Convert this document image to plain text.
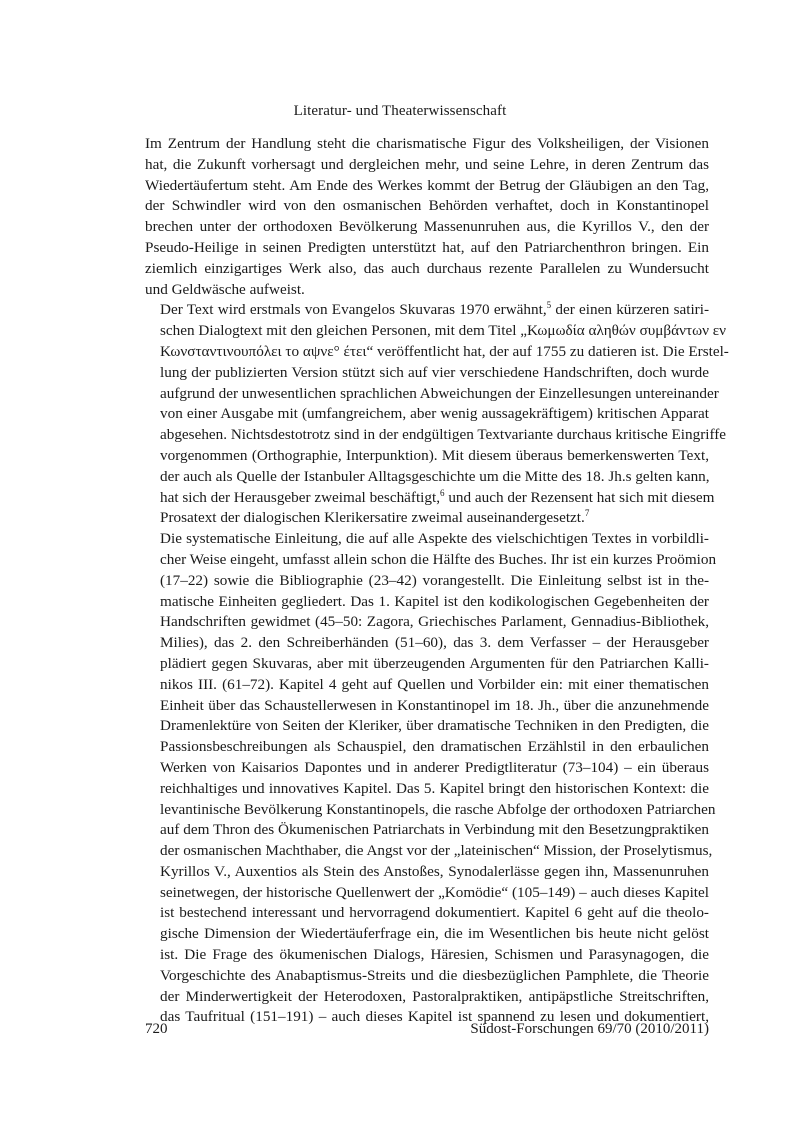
Literatur- und Theaterwissenschaft

Im Zentrum der Handlung steht die charismatische Figur des Volksheiligen, der Visionen
hat, die Zukunft vorhersagt und dergleichen mehr, und seine Lehre, in deren Zentrum das
Wiedertäufertum steht. Am Ende des Werkes kommt der Betrug der Gläubigen an den Tag,
der Schwindler wird von den osmanischen Behörden verhaftet, doch in Konstantinopel
brechen unter der orthodoxen Bevölkerung Massenunruhen aus, die Kyrillos V., den der
Pseudo-Heilige in seinen Predigten unterstützt hat, auf den Patriarchenthron bringen. Ein
ziemlich einzigartiges Werk also, das auch durchaus rezente Parallelen zu Wundersucht
und Geldwäsche aufweist.

Der Text wird erstmals von Evangelos Skuvaras 1970 erwähnt,$^5$ der einen kürzeren satiri-
schen Dialogtext mit den gleichen Personen, mit dem Titel „Κωμωδία αληθών συμβάντων εν
Κωνσταντινουπόλει το αψνε° έτει“ veröffentlicht hat, der auf 1755 zu datieren ist. Die Erstel-
lung der publizierten Version stützt sich auf vier verschiedene Handschriften, doch wurde
aufgrund der unwesentlichen sprachlichen Abweichungen der Einzellesungen untereinander
von einer Ausgabe mit (umfangreichem, aber wenig aussagekräftigem) kritischen Apparat
abgesehen. Nichtsdestotrotz sind in der endgültigen Textvariante durchaus kritische Eingriffe
vorgenommen (Orthographie, Interpunktion). Mit diesem überaus bemerkenswerten Text,
der auch als Quelle der Istanbuler Alltagsgeschichte um die Mitte des 18. Jh.s gelten kann,
hat sich der Herausgeber zweimal beschäftigt,$^6$ und auch der Rezensent hat sich mit diesem
Prosatext der dialogischen Klerikersatire zweimal auseinandergesetzt.$^7$

Die systematische Einleitung, die auf alle Aspekte des vielschichtigen Textes in vorbildli-
cher Weise eingeht, umfasst allein schon die Hälfte des Buches. Ihr ist ein kurzes Proömion
(17–22) sowie die Bibliographie (23–42) vorangestellt. Die Einleitung selbst ist in the-
matische Einheiten gegliedert. Das 1. Kapitel ist den kodikologischen Gegebenheiten der
Handschriften gewidmet (45–50: Zagora, Griechisches Parlament, Gennadius-Bibliothek,
Milies), das 2. den Schreiberhänden (51–60), das 3. dem Verfasser – der Herausgeber
plädiert gegen Skuvaras, aber mit überzeugenden Argumenten für den Patriarchen Kalli-
nikos III. (61–72). Kapitel 4 geht auf Quellen und Vorbilder ein: mit einer thematischen
Einheit über das Schaustellerwesen in Konstantinopel im 18. Jh., über die anzunehmende
Dramenlektüre von Seiten der Kleriker, über dramatische Techniken in den Predigten, die
Passionsbeschreibungen als Schauspiel, den dramatischen Erzählstil in den erbaulichen
Werken von Kaisarios Dapontes und in anderer Predigtliteratur (73–104) – ein überaus
reichhaltiges und innovatives Kapitel. Das 5. Kapitel bringt den historischen Kontext: die
levantinische Bevölkerung Konstantinopels, die rasche Abfolge der orthodoxen Patriarchen
auf dem Thron des Ökumenischen Patriarchats in Verbindung mit den Besetzungpraktiken
der osmanischen Machthaber, die Angst vor der „lateinischen“ Mission, der Proselytismus,
Kyrillos V., Auxentios als Stein des Anstoßes, Synodalerlässe gegen ihn, Massenunruhen
seinetwegen, der historische Quellenwert der „Komödie“ (105–149) – auch dieses Kapitel
ist bestechend interessant und hervorragend dokumentiert. Kapitel 6 geht auf die theolo-
gische Dimension der Wiedertäuferfrage ein, die im Wesentlichen bis heute nicht gelöst
ist. Die Frage des ökumenischen Dialogs, Häresien, Schismen und Parasynagogen, die
Vorgeschichte des Anabaptismus-Streits und die diesbezüglichen Pamphlete, die Theorie
der Minderwertigkeit der Heterodoxen, Pastoralpraktiken, antipäpstliche Streitschriften,
das Taufritual (151–191) – auch dieses Kapitel ist spannend zu lesen und dokumentiert,

720	Südost-Forschungen 69/70 (2010/2011)
